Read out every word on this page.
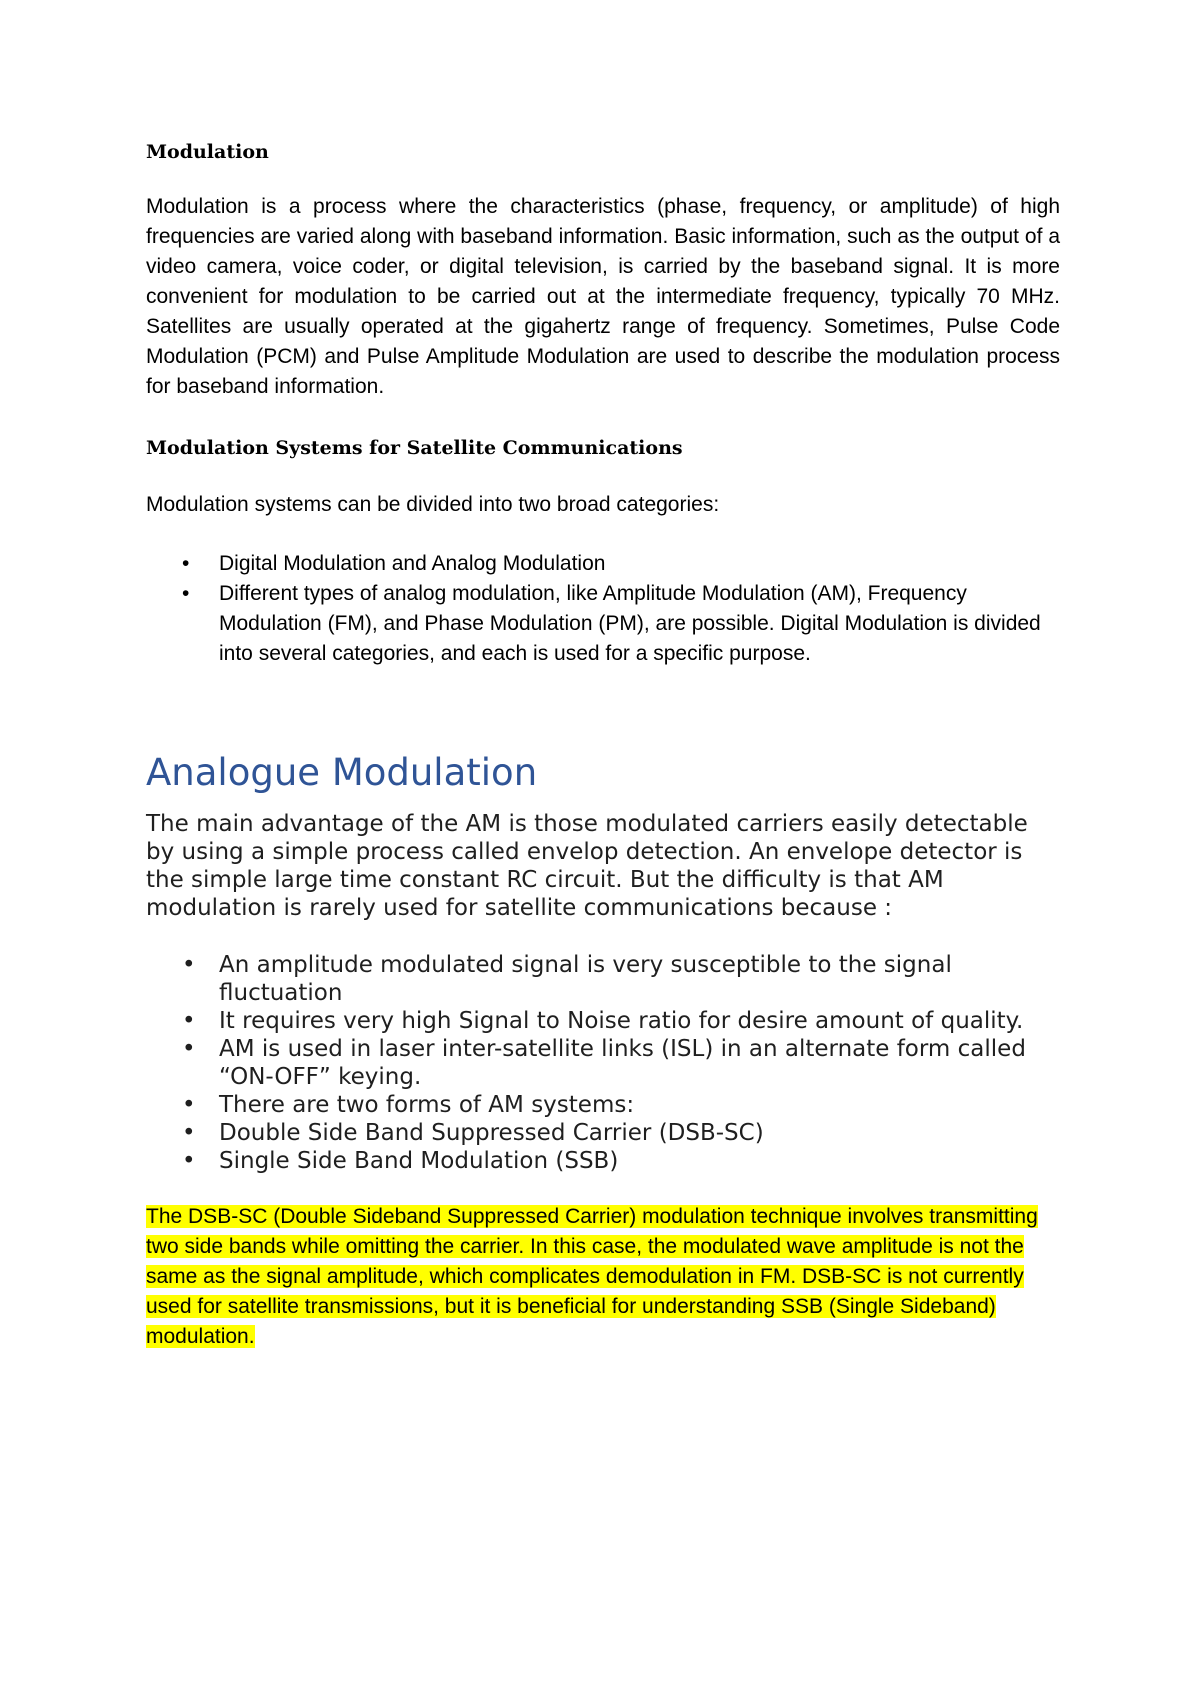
Modulation

Modulation is a process where the characteristics (phase, frequency, or amplitude) of high frequencies are varied along with baseband information. Basic information, such as the output of a video camera, voice coder, or digital television, is carried by the baseband signal. It is more convenient for modulation to be carried out at the intermediate frequency, typically 70 MHz. Satellites are usually operated at the gigahertz range of frequency. Sometimes, Pulse Code Modulation (PCM) and Pulse Amplitude Modulation are used to describe the modulation process for baseband information.

Modulation Systems for Satellite Communications

Modulation systems can be divided into two broad categories:

• Digital Modulation and Analog Modulation
• Different types of analog modulation, like Amplitude Modulation (AM), Frequency Modulation (FM), and Phase Modulation (PM), are possible. Digital Modulation is divided into several categories, and each is used for a specific purpose.
Analogue Modulation

The main advantage of the AM is those modulated carriers easily detectable by using a simple process called envelop detection. An envelope detector is the simple large time constant RC circuit. But the difficulty is that AM modulation is rarely used for satellite communications because :

• An amplitude modulated signal is very susceptible to the signal fluctuation
• It requires very high Signal to Noise ratio for desire amount of quality.
• AM is used in laser inter-satellite links (ISL) in an alternate form called “ON-OFF” keying.
• There are two forms of AM systems:
• Double Side Band Suppressed Carrier (DSB-SC)
• Single Side Band Modulation (SSB)

The DSB-SC (Double Sideband Suppressed Carrier) modulation technique involves transmitting two side bands while omitting the carrier. In this case, the modulated wave amplitude is not the same as the signal amplitude, which complicates demodulation in FM. DSB-SC is not currently used for satellite transmissions, but it is beneficial for understanding SSB (Single Sideband) modulation.
